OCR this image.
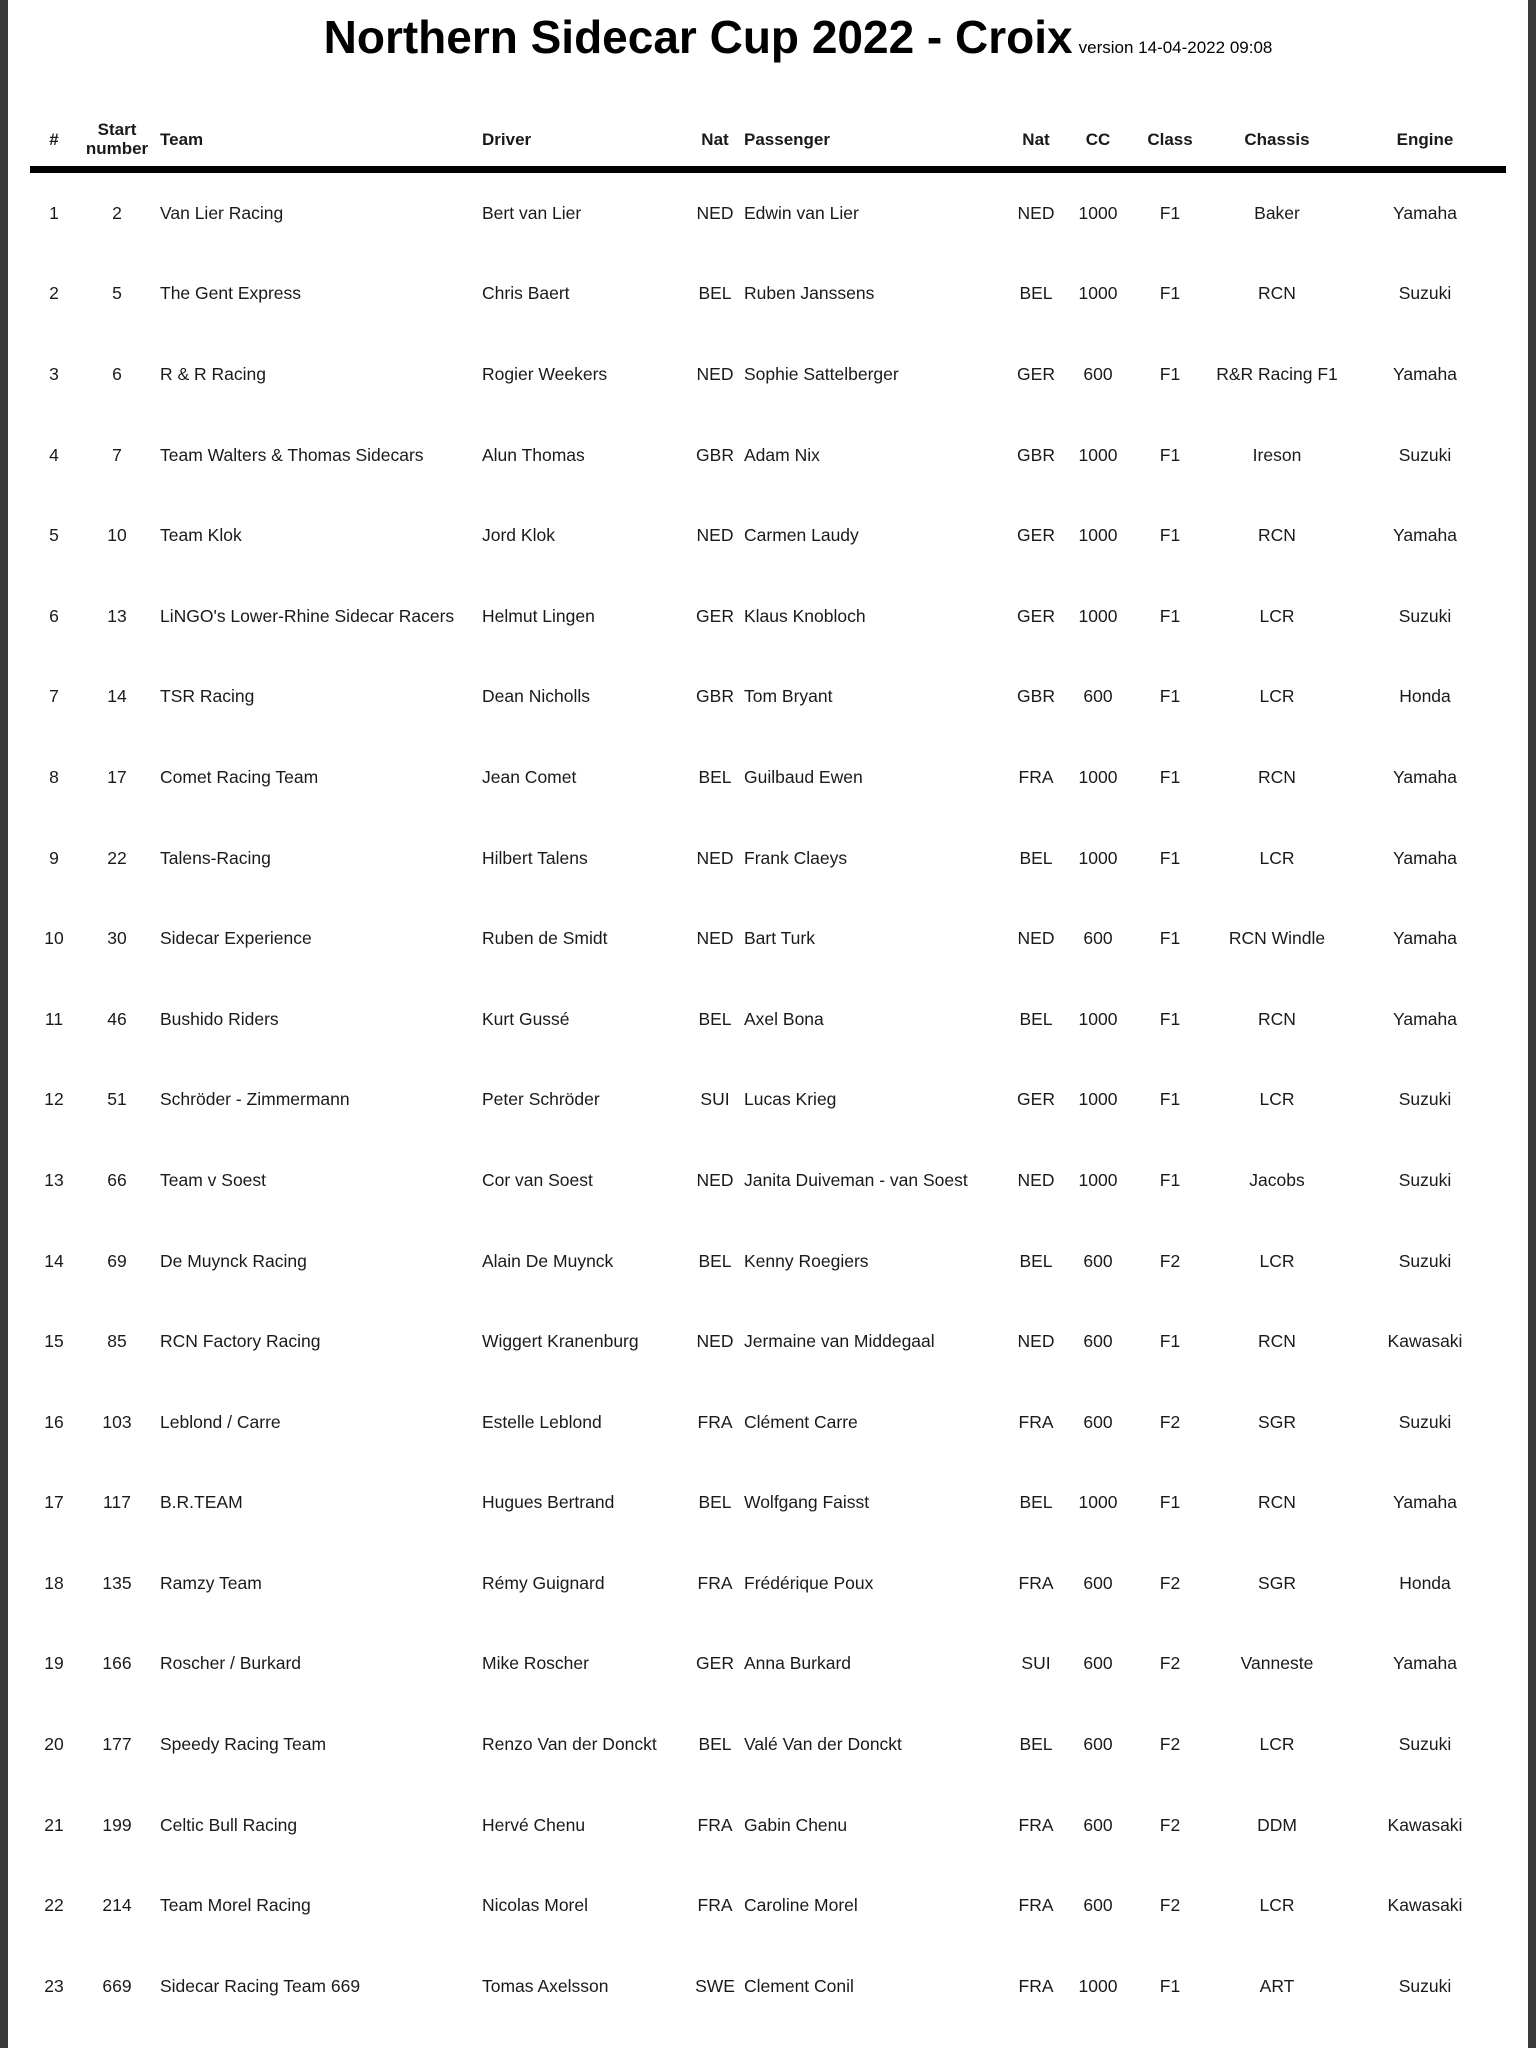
Northern Sidecar Cup 2022 - Croix version 14-04-2022 09:08
#	Start number	Team	Driver	Nat	Passenger	Nat	CC	Class	Chassis	Engine
1	2	Van Lier Racing	Bert van Lier	NED	Edwin van Lier	NED	1000	F1	Baker	Yamaha
2	5	The Gent Express	Chris Baert	BEL	Ruben Janssens	BEL	1000	F1	RCN	Suzuki
3	6	R & R Racing	Rogier Weekers	NED	Sophie Sattelberger	GER	600	F1	R&R Racing F1	Yamaha
4	7	Team Walters & Thomas Sidecars	Alun Thomas	GBR	Adam Nix	GBR	1000	F1	Ireson	Suzuki
5	10	Team Klok	Jord Klok	NED	Carmen Laudy	GER	1000	F1	RCN	Yamaha
6	13	LiNGO's Lower-Rhine Sidecar Racers	Helmut Lingen	GER	Klaus Knobloch	GER	1000	F1	LCR	Suzuki
7	14	TSR Racing	Dean Nicholls	GBR	Tom Bryant	GBR	600	F1	LCR	Honda
8	17	Comet Racing Team	Jean Comet	BEL	Guilbaud Ewen	FRA	1000	F1	RCN	Yamaha
9	22	Talens-Racing	Hilbert Talens	NED	Frank Claeys	BEL	1000	F1	LCR	Yamaha
10	30	Sidecar Experience	Ruben de Smidt	NED	Bart Turk	NED	600	F1	RCN Windle	Yamaha
11	46	Bushido Riders	Kurt Gussé	BEL	Axel Bona	BEL	1000	F1	RCN	Yamaha
12	51	Schröder - Zimmermann	Peter Schröder	SUI	Lucas Krieg	GER	1000	F1	LCR	Suzuki
13	66	Team v Soest	Cor van Soest	NED	Janita Duiveman - van Soest	NED	1000	F1	Jacobs	Suzuki
14	69	De Muynck Racing	Alain De Muynck	BEL	Kenny Roegiers	BEL	600	F2	LCR	Suzuki
15	85	RCN Factory Racing	Wiggert Kranenburg	NED	Jermaine van Middegaal	NED	600	F1	RCN	Kawasaki
16	103	Leblond / Carre	Estelle Leblond	FRA	Clément Carre	FRA	600	F2	SGR	Suzuki
17	117	B.R.TEAM	Hugues Bertrand	BEL	Wolfgang Faisst	BEL	1000	F1	RCN	Yamaha
18	135	Ramzy Team	Rémy Guignard	FRA	Frédérique Poux	FRA	600	F2	SGR	Honda
19	166	Roscher / Burkard	Mike Roscher	GER	Anna Burkard	SUI	600	F2	Vanneste	Yamaha
20	177	Speedy Racing Team	Renzo Van der Donckt	BEL	Valé Van der Donckt	BEL	600	F2	LCR	Suzuki
21	199	Celtic Bull Racing	Hervé Chenu	FRA	Gabin Chenu	FRA	600	F2	DDM	Kawasaki
22	214	Team Morel Racing	Nicolas Morel	FRA	Caroline Morel	FRA	600	F2	LCR	Kawasaki
23	669	Sidecar Racing Team 669	Tomas Axelsson	SWE	Clement Conil	FRA	1000	F1	ART	Suzuki
